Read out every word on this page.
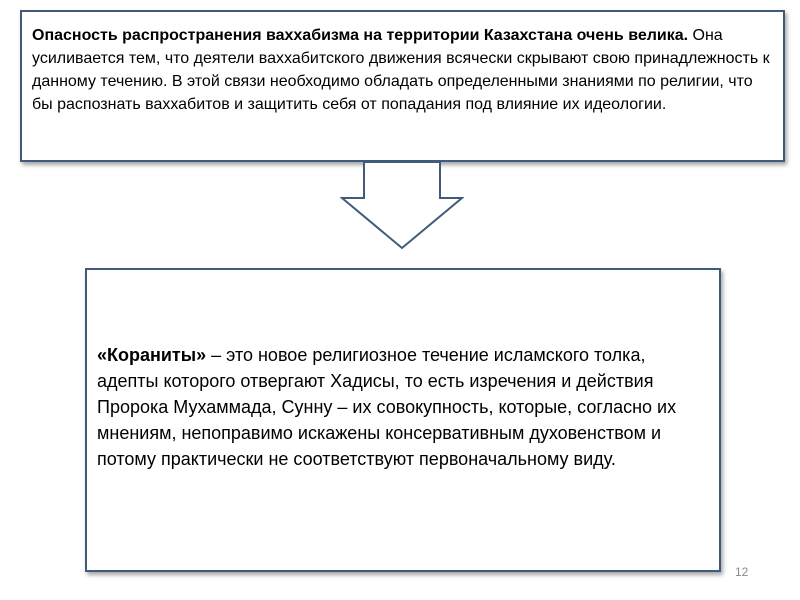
Опасность распространения ваххабизма на территории Казахстана очень велика. Она усиливается тем, что деятели ваххабитского движения всячески скрывают свою принадлежность к данному течению. В этой связи необходимо обладать определенными знаниями по религии, что бы распознать ваххабитов и защитить себя от попадания под влияние их идеологии.
«Кораниты» – это новое религиозное течение исламского толка, адепты которого отвергают Хадисы, то есть изречения и действия Пророка Мухаммада, Сунну – их совокупность, которые, согласно их мнениям, непоправимо искажены консервативным духовенством и потому практически не соответствуют первоначальному виду.
12
